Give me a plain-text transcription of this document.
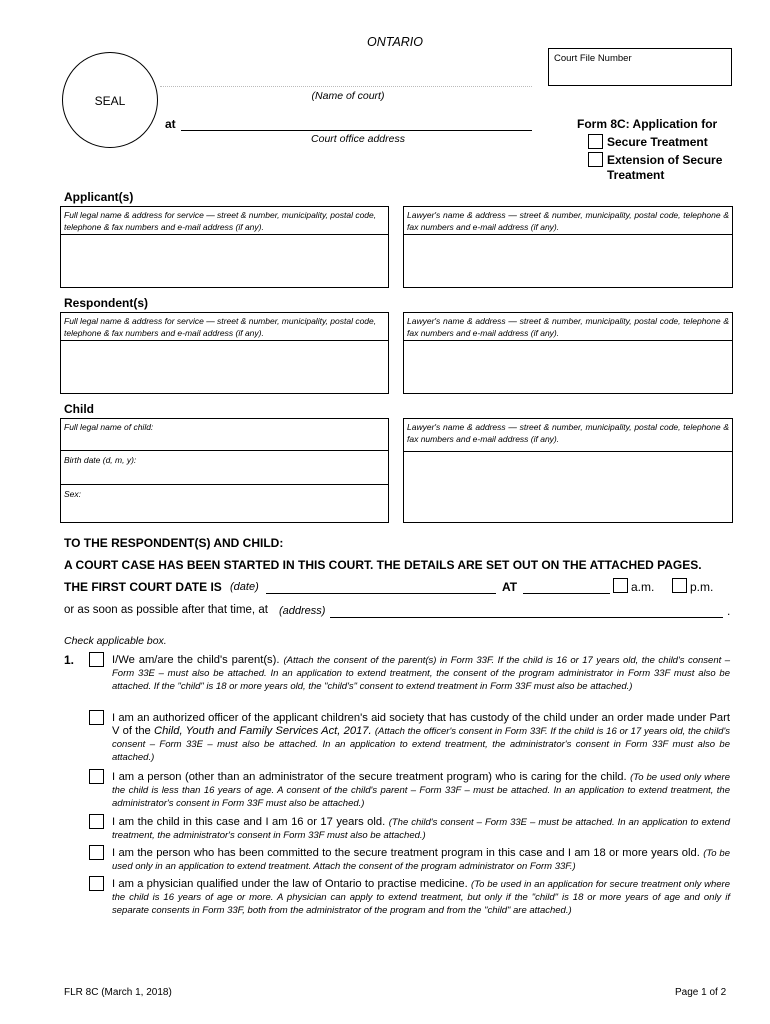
ONTARIO
Court File Number
SEAL	(Name of court)
at
Court office address
Form 8C: Application for
Secure Treatment
Extension of Secure Treatment
Applicant(s)
Full legal name & address for service — street & number, municipality, postal code, telephone & fax numbers and e-mail address (if any).
Lawyer's name & address — street & number, municipality, postal code, telephone & fax numbers and e-mail address (if any).
Respondent(s)
Full legal name & address for service — street & number, municipality, postal code, telephone & fax numbers and e-mail address (if any).
Lawyer's name & address — street & number, municipality, postal code, telephone & fax numbers and e-mail address (if any).
Child
Full legal name of child:
Birth date (d, m, y):
Sex:
Lawyer's name & address — street & number, municipality, postal code, telephone & fax numbers and e-mail address (if any).
TO THE RESPONDENT(S) AND CHILD:
A COURT CASE HAS BEEN STARTED IN THIS COURT. THE DETAILS ARE SET OUT ON THE ATTACHED PAGES.
THE FIRST COURT DATE IS (date)	AT	a.m.	p.m.
or as soon as possible after that time, at (address)	.
Check applicable box.
1.	I/We am/are the child's parent(s). (Attach the consent of the parent(s) in Form 33F. If the child is 16 or 17 years old, the child's consent – Form 33E – must also be attached. In an application to extend treatment, the consent of the program administrator in Form 33F must also be attached. If the "child" is 18 or more years old, the "child's" consent to extend treatment in Form 33F must also be attached.)
I am an authorized officer of the applicant children's aid society that has custody of the child under an order made under Part V of the Child, Youth and Family Services Act, 2017. (Attach the officer's consent in Form 33F. If the child is 16 or 17 years old, the child's consent – Form 33E – must also be attached. In an application to extend treatment, the administrator's consent in Form 33F must also be attached.)
I am a person (other than an administrator of the secure treatment program) who is caring for the child. (To be used only where the child is less than 16 years of age. A consent of the child's parent – Form 33F – must be attached. In an application to extend treatment, the administrator's consent in Form 33F must also be attached.)
I am the child in this case and I am 16 or 17 years old. (The child's consent – Form 33E – must be attached. In an application to extend treatment, the administrator's consent in Form 33F must also be attached.)
I am the person who has been committed to the secure treatment program in this case and I am 18 or more years old. (To be used only in an application to extend treatment. Attach the consent of the program administrator on Form 33F.)
I am a physician qualified under the law of Ontario to practise medicine. (To be used in an application for secure treatment only where the child is 16 years of age or more. A physician can apply to extend treatment, but only if the "child" is 18 or more years of age and only if separate consents in Form 33F, both from the administrator of the program and from the "child" are attached.)
FLR 8C (March 1, 2018)	Page 1 of 2
